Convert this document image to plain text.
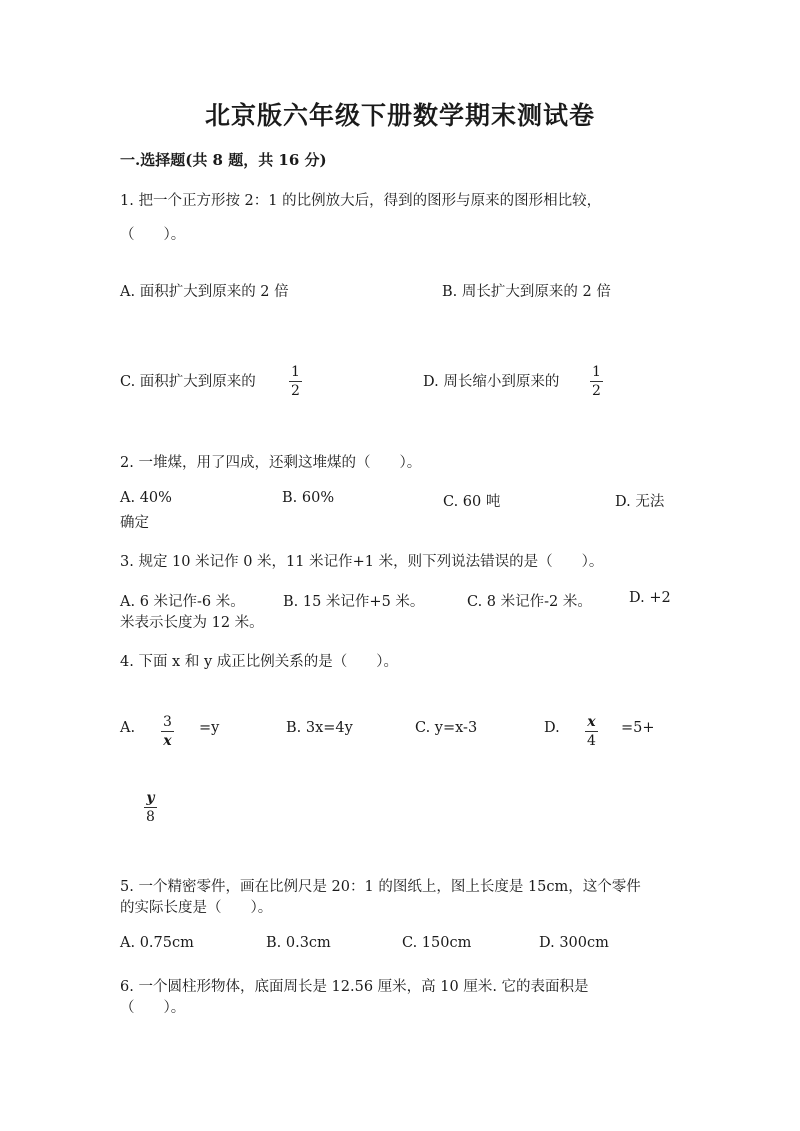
北京版六年级下册数学期末测试卷
一.选择题(共 8 题，共 16 分)
1. 把一个正方形按 2：1 的比例放大后，得到的图形与原来的图形相比较，
（　　）。
A. 面积扩大到原来的 2 倍	B. 周长扩大到原来的 2 倍
C. 面积扩大到原来的
1
2
D. 周长缩小到原来的
1
2
2. 一堆煤，用了四成，还剩这堆煤的（　　）。
A. 40%	B. 60%	C. 60 吨	D. 无法
确定
3. 规定 10 米记作 0 米，11 米记作+1 米，则下列说法错误的是（　　）。
A. 6 米记作-6 米。	B. 15 米记作+5 米。	C. 8 米记作-2 米。	D. +2
米表示长度为 12 米。
4. 下面 x 和 y 成正比例关系的是（　　）。
A. 3
x
=y	B. 3x=4y	C. y=x-3	D. x
4
=5+
y
8
5. 一个精密零件，画在比例尺是 20：1 的图纸上，图上长度是 15cm，这个零件
的实际长度是（　　）。
A. 0.75cm	B. 0.3cm	C. 150cm	D. 300cm
6. 一个圆柱形物体，底面周长是 12.56 厘米，高 10 厘米. 它的表面积是
（　　）。
